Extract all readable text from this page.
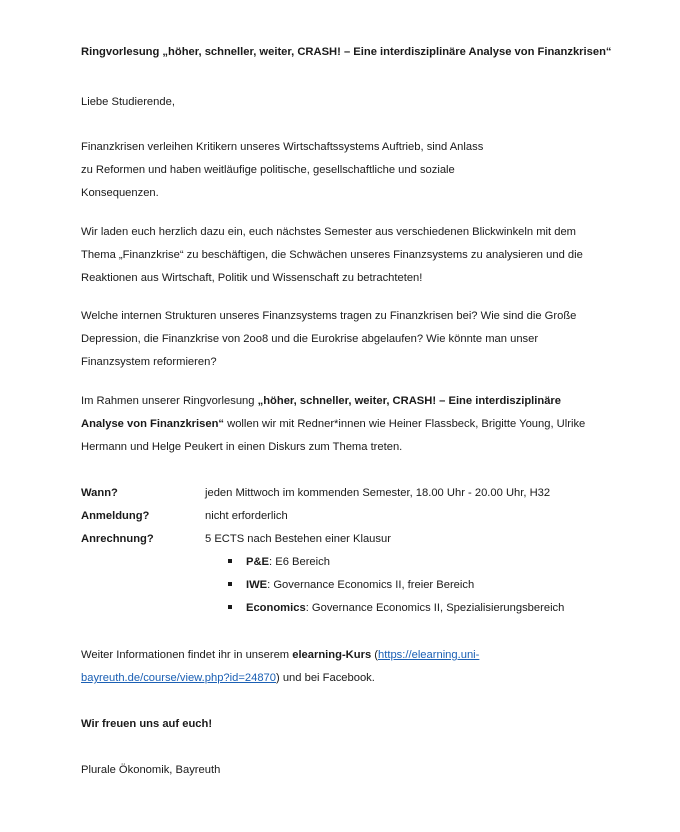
Ringvorlesung „höher, schneller, weiter, CRASH! – Eine interdisziplinäre Analyse von Finanzkrisen“
Liebe Studierende,
Finanzkrisen verleihen Kritikern unseres Wirtschaftssystems Auftrieb, sind Anlass
zu Reformen und haben weitläufige politische, gesellschaftliche und soziale
Konsequenzen.
Wir laden euch herzlich dazu ein, euch nächstes Semester aus verschiedenen Blickwinkeln mit dem
Thema „Finanzkrise“ zu beschäftigen, die Schwächen unseres Finanzsystems zu analysieren und die
Reaktionen aus Wirtschaft, Politik und Wissenschaft zu betrachteten!
Welche internen Strukturen unseres Finanzsystems tragen zu Finanzkrisen bei? Wie sind die Große
Depression, die Finanzkrise von 2oo8 und die Eurokrise abgelaufen? Wie könnte man unser
Finanzsystem reformieren?
Im Rahmen unserer Ringvorlesung „höher, schneller, weiter, CRASH! – Eine interdisziplinäre
Analyse von Finanzkrisen“ wollen wir mit Redner*innen wie Heiner Flassbeck, Brigitte Young, Ulrike
Hermann und Helge Peukert in einen Diskurs zum Thema treten.
Wann?	jeden Mittwoch im kommenden Semester, 18.00 Uhr - 20.00 Uhr, H32
Anmeldung?	nicht erforderlich
Anrechnung?	5 ECTS nach Bestehen einer Klausur
P&E: E6 Bereich
IWE: Governance Economics II, freier Bereich
Economics: Governance Economics II, Spezialisierungsbereich
Weiter Informationen findet ihr in unserem elearning-Kurs (https://elearning.uni-
bayreuth.de/course/view.php?id=24870) und bei Facebook.
Wir freuen uns auf euch!
Plurale Ökonomik, Bayreuth
